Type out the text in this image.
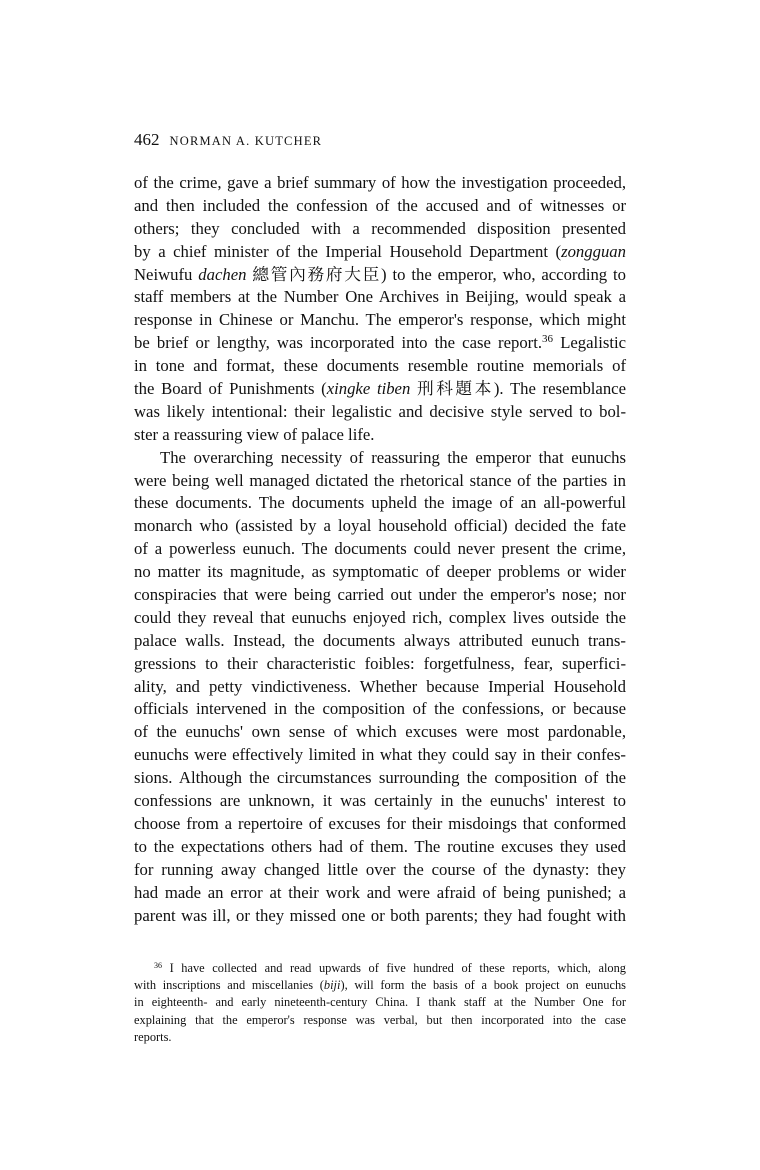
462 NORMAN A. KUTCHER
of the crime, gave a brief summary of how the investigation proceeded,
and then included the confession of the accused and of witnesses or
others; they concluded with a recommended disposition presented
by a chief minister of the Imperial Household Department (zongguan
Neiwufu dachen 總管內務府大臣) to the emperor, who, according to
staff members at the Number One Archives in Beijing, would speak a
response in Chinese or Manchu. The emperor's response, which might
be brief or lengthy, was incorporated into the case report.$^{36}$ Legalistic
in tone and format, these documents resemble routine memorials of
the Board of Punishments (xingke tiben 刑科題本). The resemblance
was likely intentional: their legalistic and decisive style served to bol-
ster a reassuring view of palace life.
The overarching necessity of reassuring the emperor that eunuchs
were being well managed dictated the rhetorical stance of the parties in
these documents. The documents upheld the image of an all-powerful
monarch who (assisted by a loyal household official) decided the fate
of a powerless eunuch. The documents could never present the crime,
no matter its magnitude, as symptomatic of deeper problems or wider
conspiracies that were being carried out under the emperor's nose; nor
could they reveal that eunuchs enjoyed rich, complex lives outside the
palace walls. Instead, the documents always attributed eunuch trans-
gressions to their characteristic foibles: forgetfulness, fear, superfici-
ality, and petty vindictiveness. Whether because Imperial Household
officials intervened in the composition of the confessions, or because
of the eunuchs' own sense of which excuses were most pardonable,
eunuchs were effectively limited in what they could say in their confes-
sions. Although the circumstances surrounding the composition of the
confessions are unknown, it was certainly in the eunuchs' interest to
choose from a repertoire of excuses for their misdoings that conformed
to the expectations others had of them. The routine excuses they used
for running away changed little over the course of the dynasty: they
had made an error at their work and were afraid of being punished; a
parent was ill, or they missed one or both parents; they had fought with
$^{36}$ I have collected and read upwards of five hundred of these reports, which, along
with inscriptions and miscellanies (biji), will form the basis of a book project on eunuchs
in eighteenth- and early nineteenth-century China. I thank staff at the Number One for
explaining that the emperor's response was verbal, but then incorporated into the case
reports.
